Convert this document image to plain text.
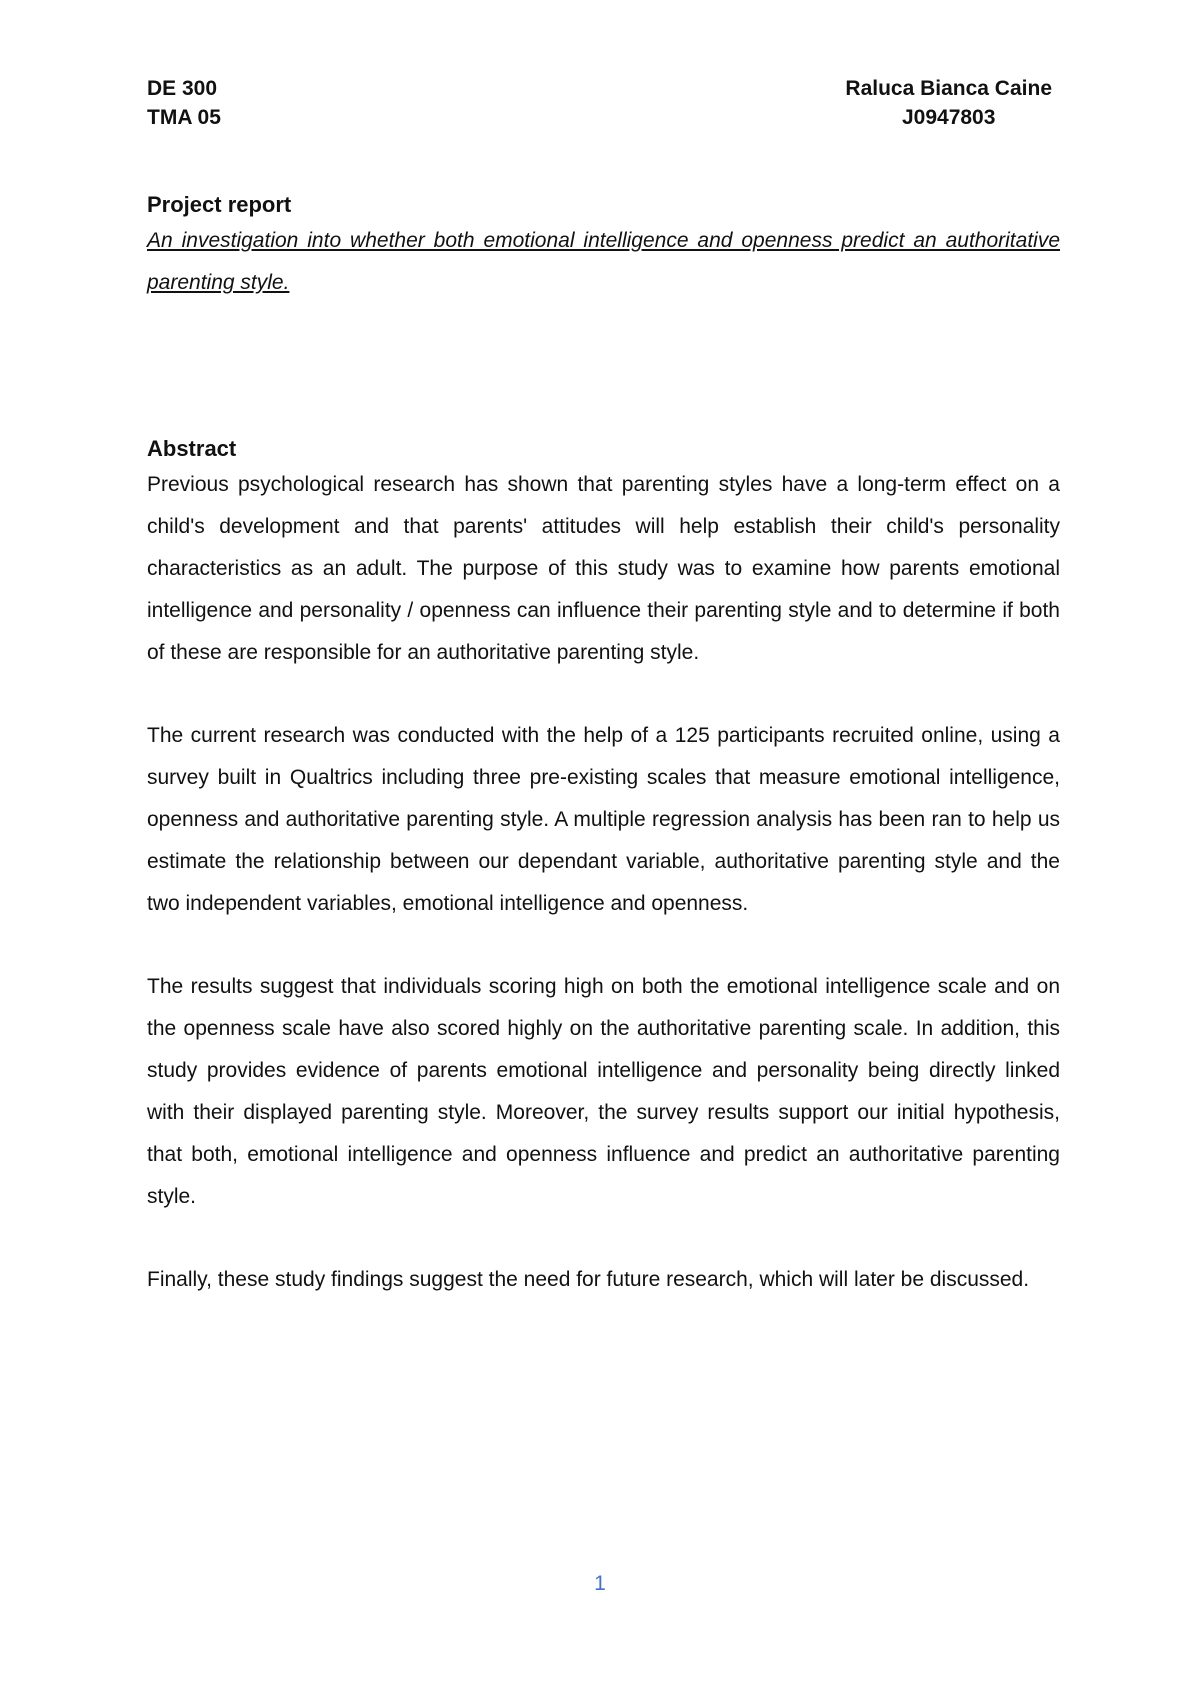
DE 300
TMA 05
Raluca Bianca Caine
J0947803

Project report

An investigation into whether both emotional intelligence and openness predict an authoritative parenting style.

Abstract

Previous psychological research has shown that parenting styles have a long-term effect on a child's development and that parents' attitudes will help establish their child's personality characteristics as an adult. The purpose of this study was to examine how parents emotional intelligence and personality / openness can influence their parenting style and to determine if both of these are responsible for an authoritative parenting style.

The current research was conducted with the help of a 125 participants recruited online, using a survey built in Qualtrics including three pre-existing scales that measure emotional intelligence, openness and authoritative parenting style. A multiple regression analysis has been ran to help us estimate the relationship between our dependant variable, authoritative parenting style and the two independent variables, emotional intelligence and openness.

The results suggest that individuals scoring high on both the emotional intelligence scale and on the openness scale have also scored highly on the authoritative parenting scale. In addition, this study provides evidence of parents emotional intelligence and personality being directly linked with their displayed parenting style. Moreover, the survey results support our initial hypothesis, that both, emotional intelligence and openness influence and predict an authoritative parenting style.

Finally, these study findings suggest the need for future research, which will later be discussed.

1
